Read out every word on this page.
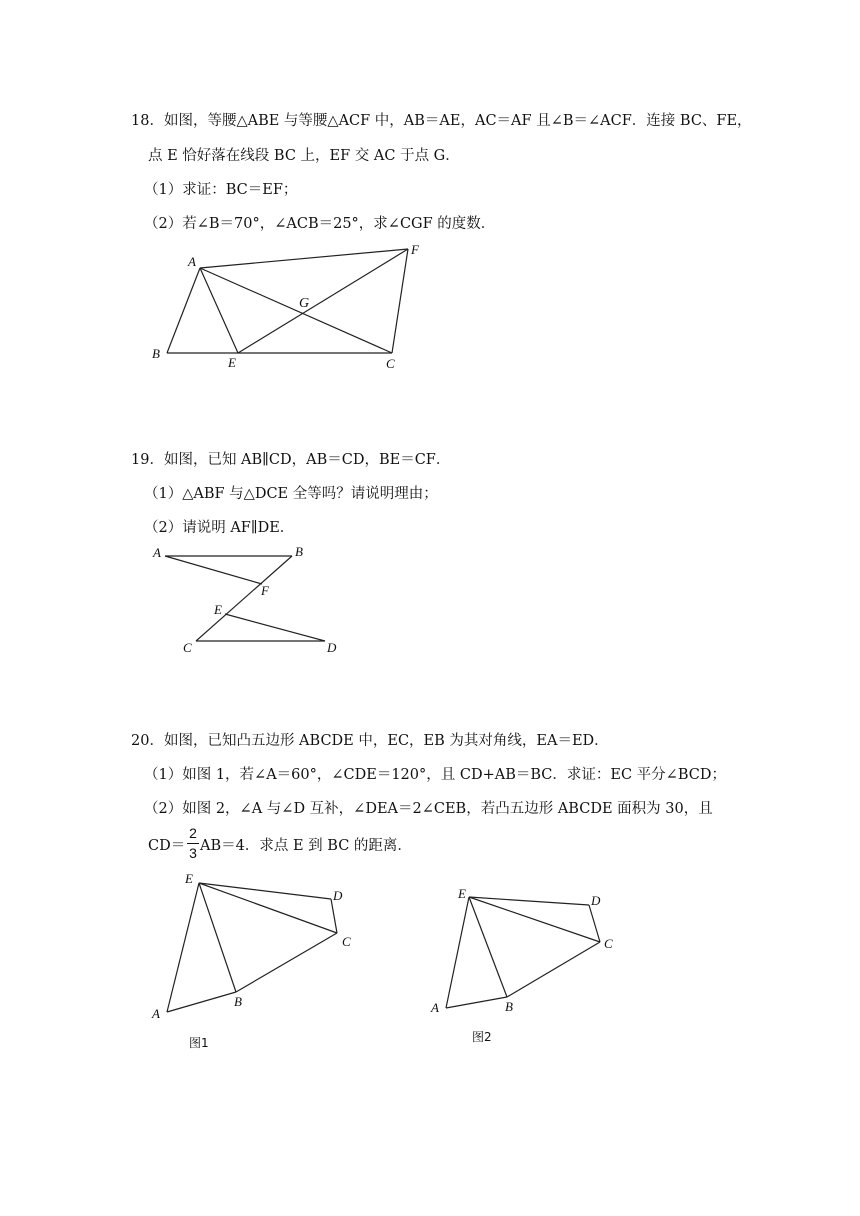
18．如图，等腰△ABE 与等腰△ACF 中，AB＝AE，AC＝AF 且∠B＝∠ACF．连接 BC、FE，
点 E 恰好落在线段 BC 上，EF 交 AC 于点 G．
（1）求证：BC＝EF；
（2）若∠B＝70°，∠ACB＝25°，求∠CGF 的度数．
19．如图，已知 AB∥CD，AB＝CD，BE＝CF．
（1）△ABF 与△DCE 全等吗？请说明理由；
（2）请说明 AF∥DE．
20．如图，已知凸五边形 ABCDE 中，EC，EB 为其对角线，EA＝ED．
（1）如图 1，若∠A＝60°，∠CDE＝120°，且 CD+AB＝BC．求证：EC 平分∠BCD；
（2）如图 2，∠A 与∠D 互补，∠DEA＝2∠CEB，若凸五边形 ABCDE 面积为 30，且
CD＝
2
3 AB＝4．求点 E 到 BC 的距离．
A
F
G
B
E	C
A	B
F
E
C	D
E
D
C
B
A
图1
E	D
C
B
A
图2
